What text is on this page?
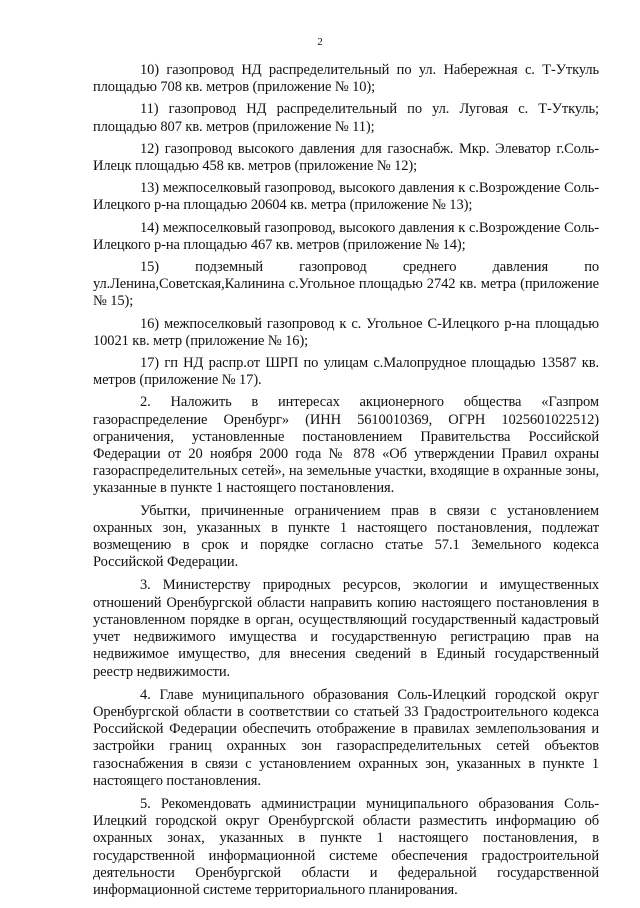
2

10) газопровод НД распределительный по ул. Набережная с. Т-Уткуль площадью 708 кв. метров (приложение № 10);

11) газопровод НД распределительный по ул. Луговая с. Т-Уткуль; площадью 807 кв. метров (приложение № 11);

12) газопровод высокого давления для газоснабж. Мкр. Элеватор г.Соль-Илецк площадью 458 кв. метров (приложение № 12);

13) межпоселковый газопровод, высокого давления к с.Возрождение Соль-Илецкого р-на площадью 20604 кв. метра (приложение № 13);

14) межпоселковый газопровод, высокого давления к с.Возрождение Соль-Илецкого р-на площадью 467 кв. метров (приложение № 14);

15) подземный газопровод среднего давления по ул.Ленина,Советская,Калинина с.Угольное площадью 2742 кв. метра (приложение № 15);

16) межпоселковый газопровод к с. Угольное С-Илецкого р-на площадью 10021 кв. метр (приложение № 16);

17) гп НД распр.от ШРП по улицам с.Малопрудное площадью 13587 кв. метров (приложение № 17).

2. Наложить в интересах акционерного общества «Газпром газораспределение Оренбург» (ИНН 5610010369, ОГРН 1025601022512) ограничения, установленные постановлением Правительства Российской Федерации от 20 ноября 2000 года № 878 «Об утверждении Правил охраны газораспределительных сетей», на земельные участки, входящие в охранные зоны, указанные в пункте 1 настоящего постановления.

Убытки, причиненные ограничением прав в связи с установлением охранных зон, указанных в пункте 1 настоящего постановления, подлежат возмещению в срок и порядке согласно статье 57.1 Земельного кодекса Российской Федерации.

3. Министерству природных ресурсов, экологии и имущественных отношений Оренбургской области направить копию настоящего постановления в установленном порядке в орган, осуществляющий государственный кадастровый учет недвижимого имущества и государственную регистрацию прав на недвижимое имущество, для внесения сведений в Единый государственный реестр недвижимости.

4. Главе муниципального образования Соль-Илецкий городской округ Оренбургской области в соответствии со статьей 33 Градостроительного кодекса Российской Федерации обеспечить отображение в правилах землепользования и застройки границ охранных зон газораспределительных сетей объектов газоснабжения в связи с установлением охранных зон, указанных в пункте 1 настоящего постановления.

5. Рекомендовать администрации муниципального образования Соль-Илецкий городской округ Оренбургской области разместить информацию об охранных зонах, указанных в пункте 1 настоящего постановления, в государственной информационной системе обеспечения градостроительной деятельности Оренбургской области и федеральной государственной информационной системе территориального планирования.
